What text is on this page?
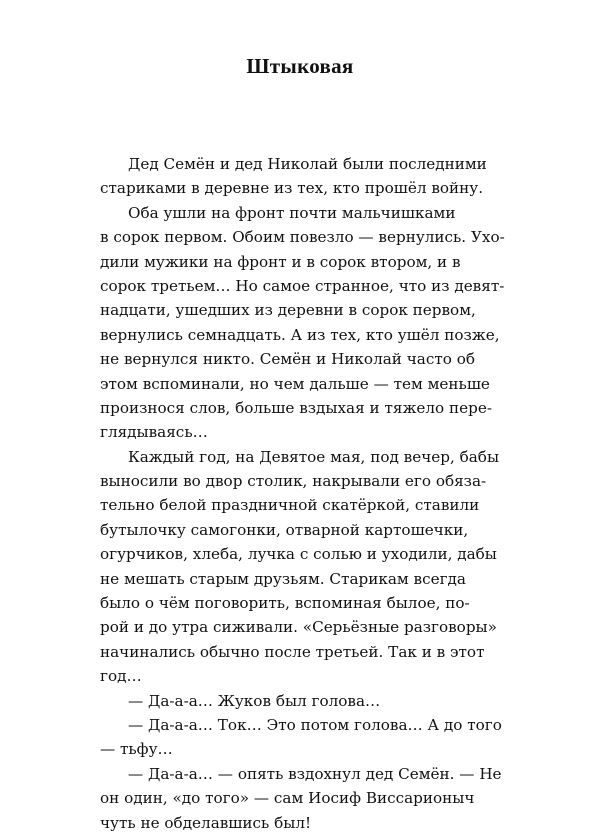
Штыковая
Дед Семён и дед Николай были последними
стариками в деревне из тех, кто прошёл войну.
Оба ушли на фронт почти мальчишками
в сорок первом. Обоим повезло — вернулись. Ухо-
дили мужики на фронт и в сорок втором, и в
сорок третьем… Но самое странное, что из девят-
надцати, ушедших из деревни в сорок первом,
вернулись семнадцать. А из тех, кто ушёл позже,
не вернулся никто. Семён и Николай часто об
этом вспоминали, но чем дальше — тем меньше
произнося слов, больше вздыхая и тяжело пере-
глядываясь…
Каждый год, на Девятое мая, под вечер, бабы
выносили во двор столик, накрывали его обяза-
тельно белой праздничной скатёркой, ставили
бутылочку самогонки, отварной картошечки,
огурчиков, хлеба, лучка с солью и уходили, дабы
не мешать старым друзьям. Старикам всегда
было о чём поговорить, вспоминая былое, по-
рой и до утра сиживали. «Серьёзные разговоры»
начинались обычно после третьей. Так и в этот
год…
— Да-а-а… Жуков был голова…
— Да-а-а… Ток… Это потом голова… А до того
— тьфу…
— Да-а-а… — опять вздохнул дед Семён. — Не
он один, «до того» — сам Иосиф Виссарионыч
чуть не обделавшись был!
